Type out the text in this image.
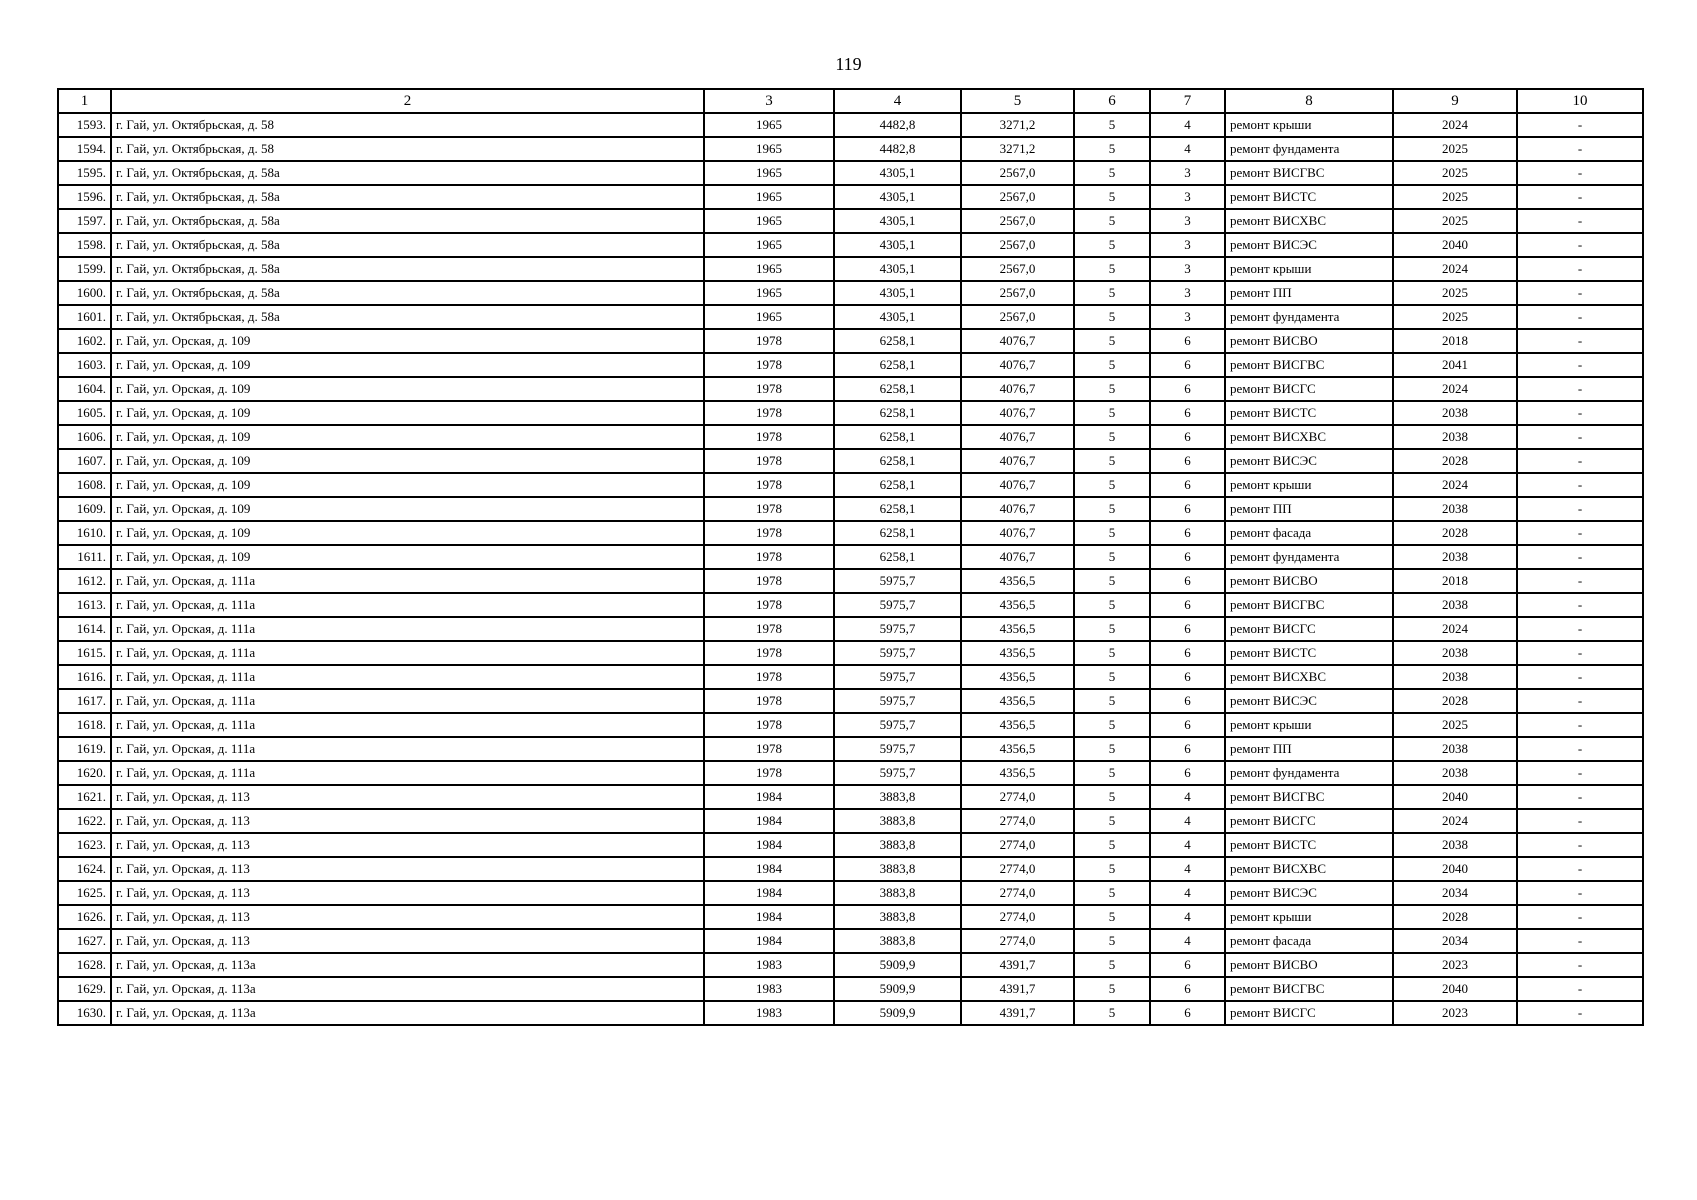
119
1	2	3	4	5	6	7	8	9	10
1593.	г. Гай, ул. Октябрьская, д. 58	1965	4482,8	3271,2	5	4	ремонт крыши	2024	-
1594.	г. Гай, ул. Октябрьская, д. 58	1965	4482,8	3271,2	5	4	ремонт фундамента	2025	-
1595.	г. Гай, ул. Октябрьская, д. 58а	1965	4305,1	2567,0	5	3	ремонт ВИСГВС	2025	-
1596.	г. Гай, ул. Октябрьская, д. 58а	1965	4305,1	2567,0	5	3	ремонт ВИСТС	2025	-
1597.	г. Гай, ул. Октябрьская, д. 58а	1965	4305,1	2567,0	5	3	ремонт ВИСХВС	2025	-
1598.	г. Гай, ул. Октябрьская, д. 58а	1965	4305,1	2567,0	5	3	ремонт ВИСЭС	2040	-
1599.	г. Гай, ул. Октябрьская, д. 58а	1965	4305,1	2567,0	5	3	ремонт крыши	2024	-
1600.	г. Гай, ул. Октябрьская, д. 58а	1965	4305,1	2567,0	5	3	ремонт ПП	2025	-
1601.	г. Гай, ул. Октябрьская, д. 58а	1965	4305,1	2567,0	5	3	ремонт фундамента	2025	-
1602.	г. Гай, ул. Орская, д. 109	1978	6258,1	4076,7	5	6	ремонт ВИСВО	2018	-
1603.	г. Гай, ул. Орская, д. 109	1978	6258,1	4076,7	5	6	ремонт ВИСГВС	2041	-
1604.	г. Гай, ул. Орская, д. 109	1978	6258,1	4076,7	5	6	ремонт ВИСГС	2024	-
1605.	г. Гай, ул. Орская, д. 109	1978	6258,1	4076,7	5	6	ремонт ВИСТС	2038	-
1606.	г. Гай, ул. Орская, д. 109	1978	6258,1	4076,7	5	6	ремонт ВИСХВС	2038	-
1607.	г. Гай, ул. Орская, д. 109	1978	6258,1	4076,7	5	6	ремонт ВИСЭС	2028	-
1608.	г. Гай, ул. Орская, д. 109	1978	6258,1	4076,7	5	6	ремонт крыши	2024	-
1609.	г. Гай, ул. Орская, д. 109	1978	6258,1	4076,7	5	6	ремонт ПП	2038	-
1610.	г. Гай, ул. Орская, д. 109	1978	6258,1	4076,7	5	6	ремонт фасада	2028	-
1611.	г. Гай, ул. Орская, д. 109	1978	6258,1	4076,7	5	6	ремонт фундамента	2038	-
1612.	г. Гай, ул. Орская, д. 111а	1978	5975,7	4356,5	5	6	ремонт ВИСВО	2018	-
1613.	г. Гай, ул. Орская, д. 111а	1978	5975,7	4356,5	5	6	ремонт ВИСГВС	2038	-
1614.	г. Гай, ул. Орская, д. 111а	1978	5975,7	4356,5	5	6	ремонт ВИСГС	2024	-
1615.	г. Гай, ул. Орская, д. 111а	1978	5975,7	4356,5	5	6	ремонт ВИСТС	2038	-
1616.	г. Гай, ул. Орская, д. 111а	1978	5975,7	4356,5	5	6	ремонт ВИСХВС	2038	-
1617.	г. Гай, ул. Орская, д. 111а	1978	5975,7	4356,5	5	6	ремонт ВИСЭС	2028	-
1618.	г. Гай, ул. Орская, д. 111а	1978	5975,7	4356,5	5	6	ремонт крыши	2025	-
1619.	г. Гай, ул. Орская, д. 111а	1978	5975,7	4356,5	5	6	ремонт ПП	2038	-
1620.	г. Гай, ул. Орская, д. 111а	1978	5975,7	4356,5	5	6	ремонт фундамента	2038	-
1621.	г. Гай, ул. Орская, д. 113	1984	3883,8	2774,0	5	4	ремонт ВИСГВС	2040	-
1622.	г. Гай, ул. Орская, д. 113	1984	3883,8	2774,0	5	4	ремонт ВИСГС	2024	-
1623.	г. Гай, ул. Орская, д. 113	1984	3883,8	2774,0	5	4	ремонт ВИСТС	2038	-
1624.	г. Гай, ул. Орская, д. 113	1984	3883,8	2774,0	5	4	ремонт ВИСХВС	2040	-
1625.	г. Гай, ул. Орская, д. 113	1984	3883,8	2774,0	5	4	ремонт ВИСЭС	2034	-
1626.	г. Гай, ул. Орская, д. 113	1984	3883,8	2774,0	5	4	ремонт крыши	2028	-
1627.	г. Гай, ул. Орская, д. 113	1984	3883,8	2774,0	5	4	ремонт фасада	2034	-
1628.	г. Гай, ул. Орская, д. 113а	1983	5909,9	4391,7	5	6	ремонт ВИСВО	2023	-
1629.	г. Гай, ул. Орская, д. 113а	1983	5909,9	4391,7	5	6	ремонт ВИСГВС	2040	-
1630.	г. Гай, ул. Орская, д. 113а	1983	5909,9	4391,7	5	6	ремонт ВИСГС	2023	-
